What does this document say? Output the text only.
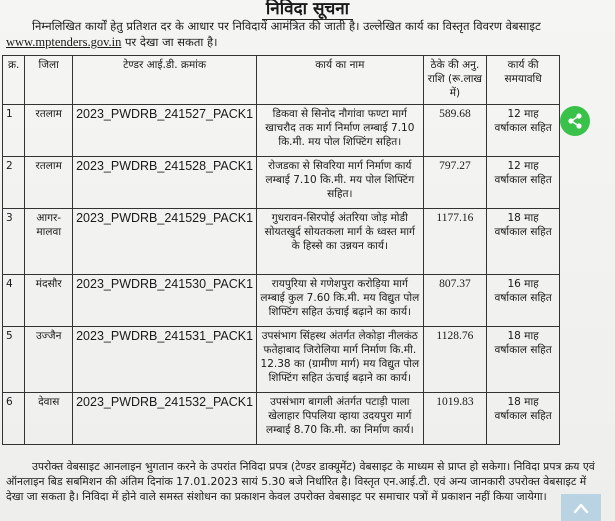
निविदा सूचना
निम्नलिखित कार्यों हेतु प्रतिशत दर के आधार पर निविदायें आमंत्रित की जाती है। उल्लेखित कार्य का विस्तृत विवरण वेबसाइट www.mptenders.gov.in पर देखा जा सकता है।
क्र.	जिला	टेण्डर आई.डी. क्रमांक	कार्य का नाम	ठेके की अनु. राशि (रू.लाख में)	कार्य की समयावधि
1	रतलाम	2023_PWDRB_241527_PACK1	डिकवा से सिनोद नौगांवा फण्टा मार्ग खाचरौद तक मार्ग निर्माण लम्बाई 7.10 कि.मी. मय पोल शिफ्टिंग सहित।	589.68	12 माह वर्षाकाल सहित
2	रतलाम	2023_PWDRB_241528_PACK1	रोजडका से सिवरिया मार्ग निर्माण कार्य लम्बाई 7.10 कि.मी. मय पोल शिफ्टिंग सहित।	797.27	12 माह वर्षाकाल सहित
3	आगर-मालवा	2023_PWDRB_241529_PACK1	गुधरावन-सिरपोई अंतरिया जोड़ मोडी सोयतखुर्द सोयतकला मार्ग के ध्वस्त मार्ग के हिस्से का उन्नयन कार्य।	1177.16	18 माह वर्षाकाल सहित
4	मंदसौर	2023_PWDRB_241530_PACK1	रायपुरिया से गणेशपुरा करोड़िया मार्ग लम्बाई कुल 7.60 कि.मी. मय विद्युत पोल शिफ्टिंग सहित ऊंचाई बढ़ाने का कार्य।	807.37	16 माह वर्षाकाल सहित
5	उज्जैन	2023_PWDRB_241531_PACK1	उपसंभाग सिंहस्थ अंतर्गत लेकोड़ा नीलकंठ फतेहाबाद जिरोलिया मार्ग निर्माण कि.मी. 12.38 का (ग्रामीण मार्ग) मय विद्युत पोल शिफ्टिंग सहित ऊंचाई बढ़ाने का कार्य।	1128.76	18 माह वर्षाकाल सहित
6	देवास	2023_PWDRB_241532_PACK1	उपसंभाग बागली अंतर्गत पटाड़ी पाला खेलाहार पिपलिया व्हाया उदयपुरा मार्ग लम्बाई 8.70 कि.मी. का निर्माण कार्य।	1019.83	18 माह वर्षाकाल सहित
उपरोक्त वेबसाइट आनलाइन भुगतान करने के उपरांत निविदा प्रपत्र (टेण्डर डाक्यूमेंट) वेबसाइट के माध्यम से प्राप्त हो सकेगा। निविदा प्रपत्र क्रय एवं ऑनलाइन बिड सबमिशन की अंतिम दिनांक 17.01.2023 सायं 5.30 बजे निर्धारित है। विस्तृत एन.आई.टी. एवं अन्य जानकारी उपरोक्त वेबसाइट में देखा जा सकता है। निविदा में होने वाले समस्त संशोधन का प्रकाशन केवल उपरोक्त वेबसाइट पर समाचार पत्रों में प्रकाशन नहीं किया जायेगा।
